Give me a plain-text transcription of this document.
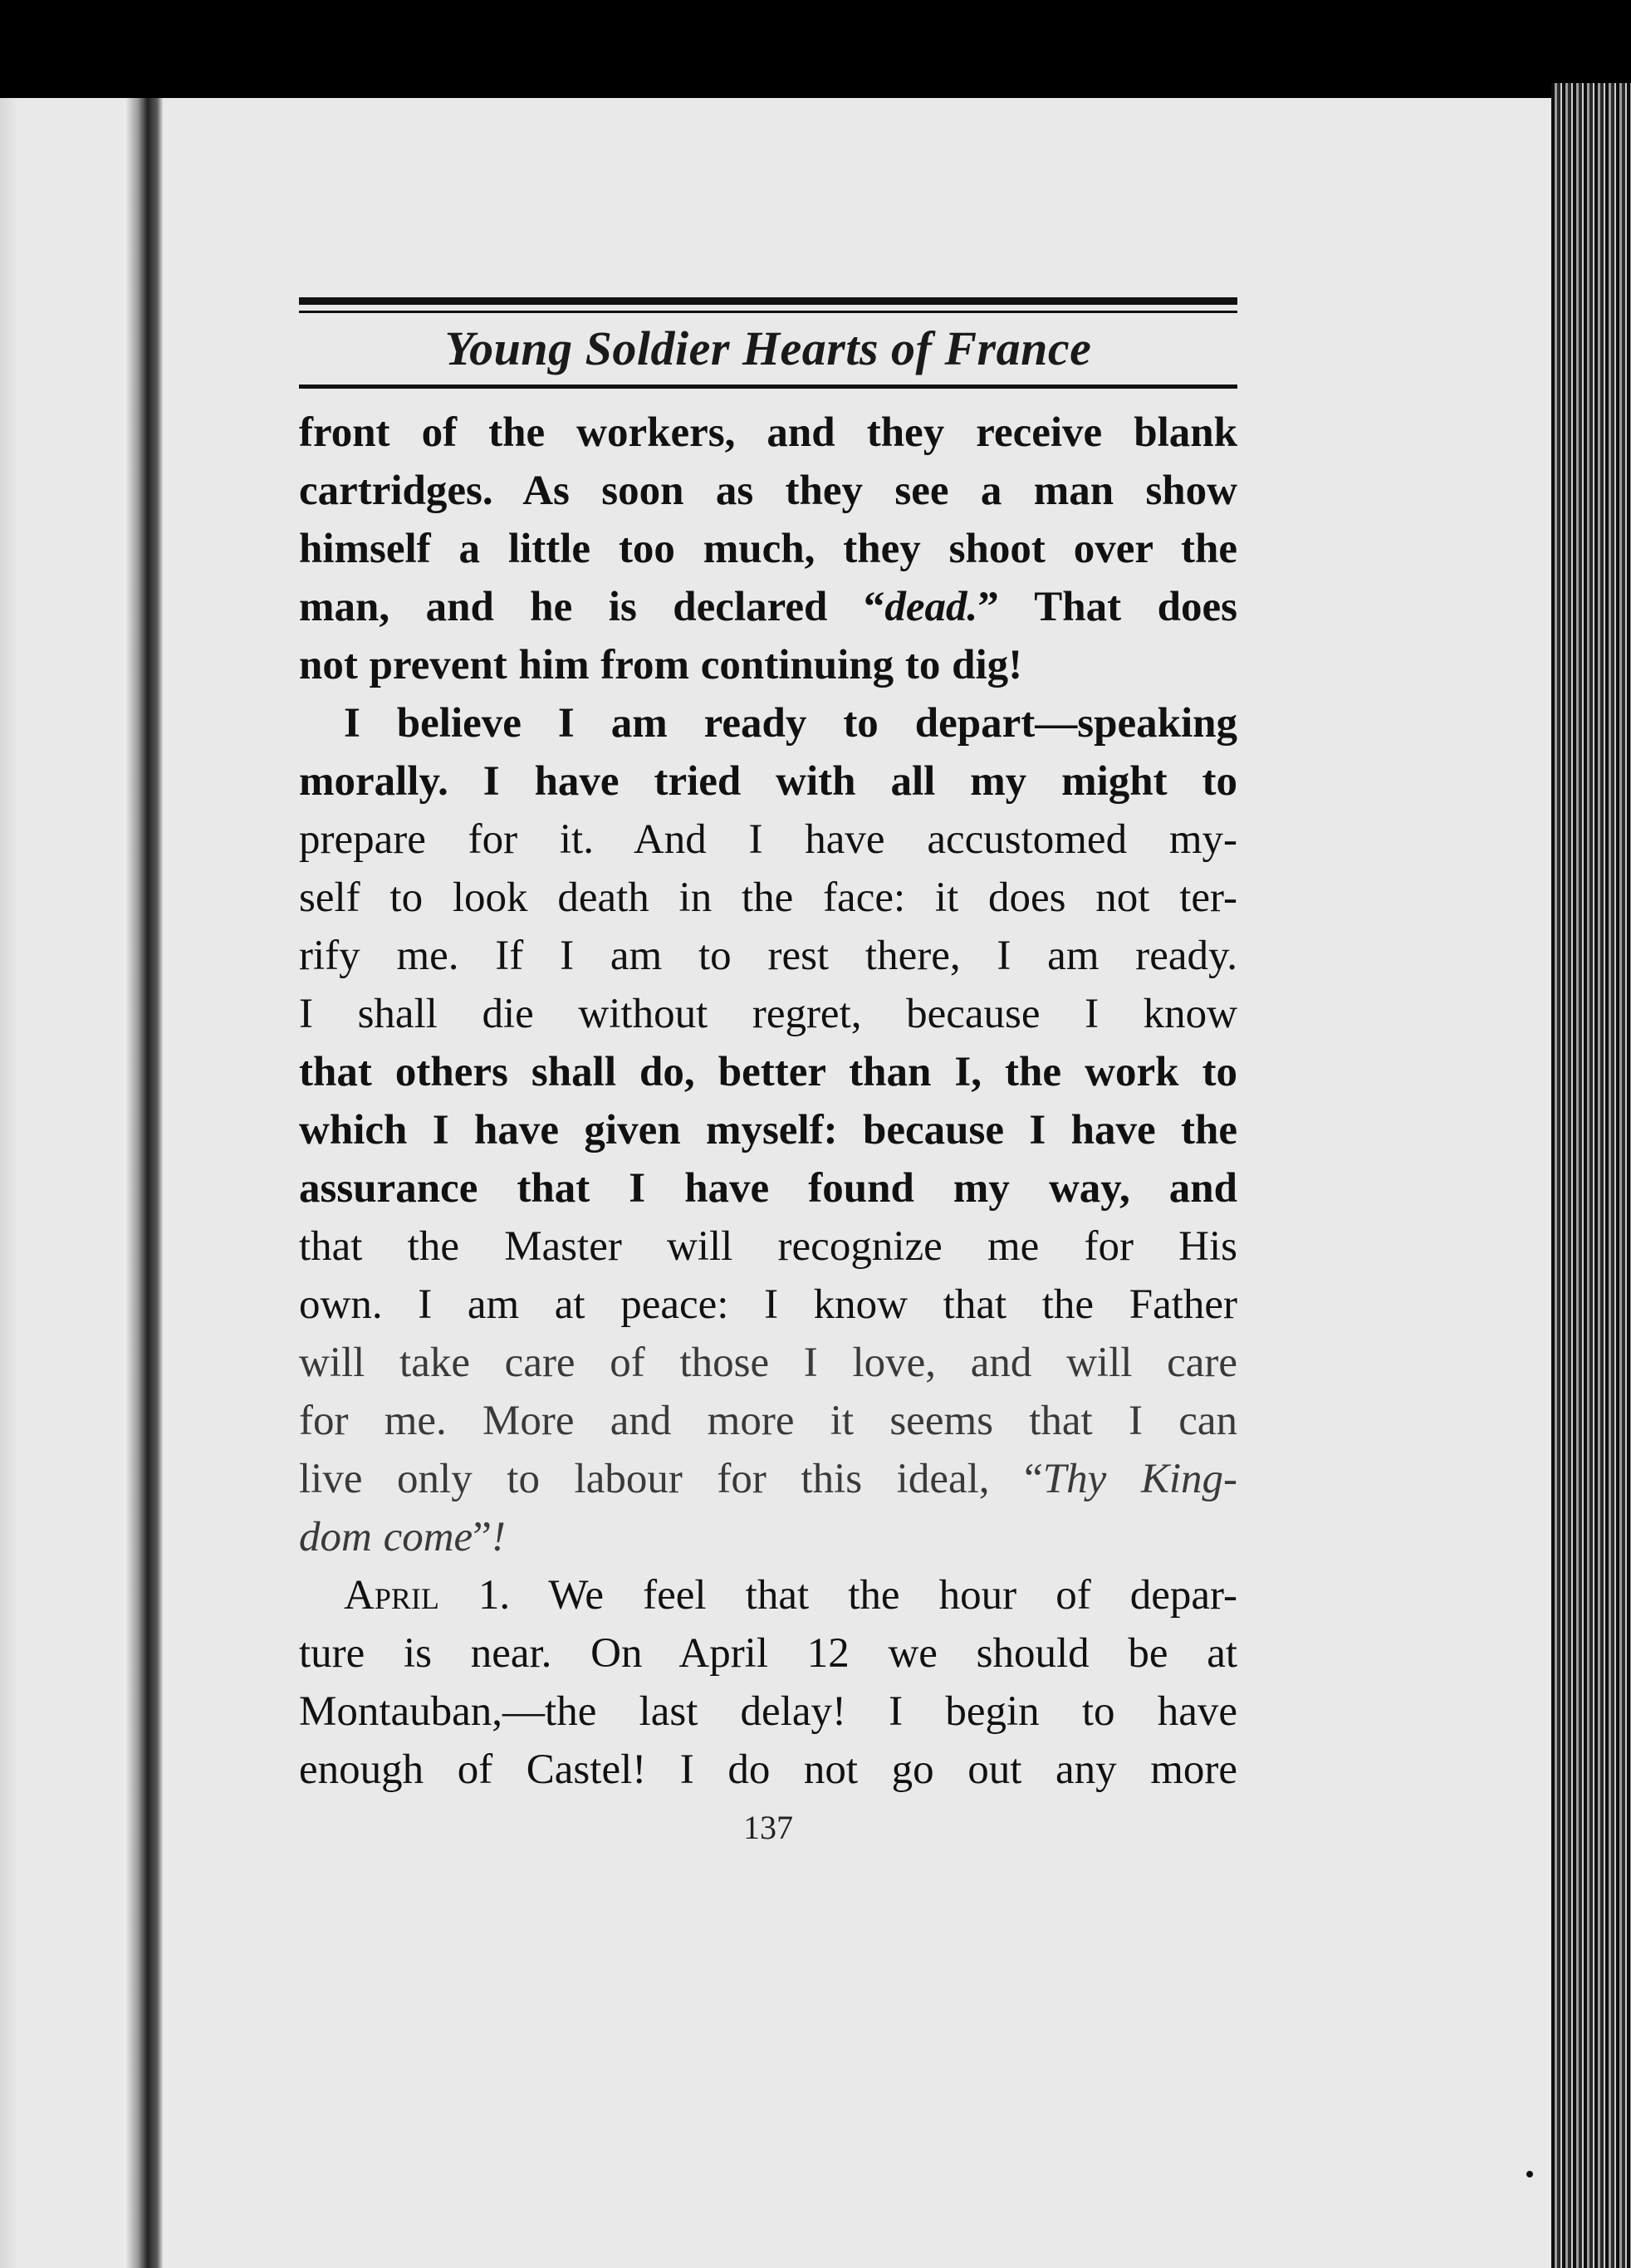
Young Soldier Hearts of France
front of the workers, and they receive blank
cartridges. As soon as they see a man show
himself a little too much, they shoot over the
man, and he is declared “dead.” That does
not prevent him from continuing to dig!
I believe I am ready to depart—speaking
morally. I have tried with all my might to
prepare for it. And I have accustomed my-
self to look death in the face: it does not ter-
rify me. If I am to rest there, I am ready.
I shall die without regret, because I know
that others shall do, better than I, the work to
which I have given myself: because I have the
assurance that I have found my way, and
that the Master will recognize me for His
own. I am at peace: I know that the Father
will take care of those I love, and will care
for me. More and more it seems that I can
live only to labour for this ideal, “Thy King-
dom come”!
April 1. We feel that the hour of depar-
ture is near. On April 12 we should be at
Montauban,—the last delay! I begin to have
enough of Castel! I do not go out any more
137
